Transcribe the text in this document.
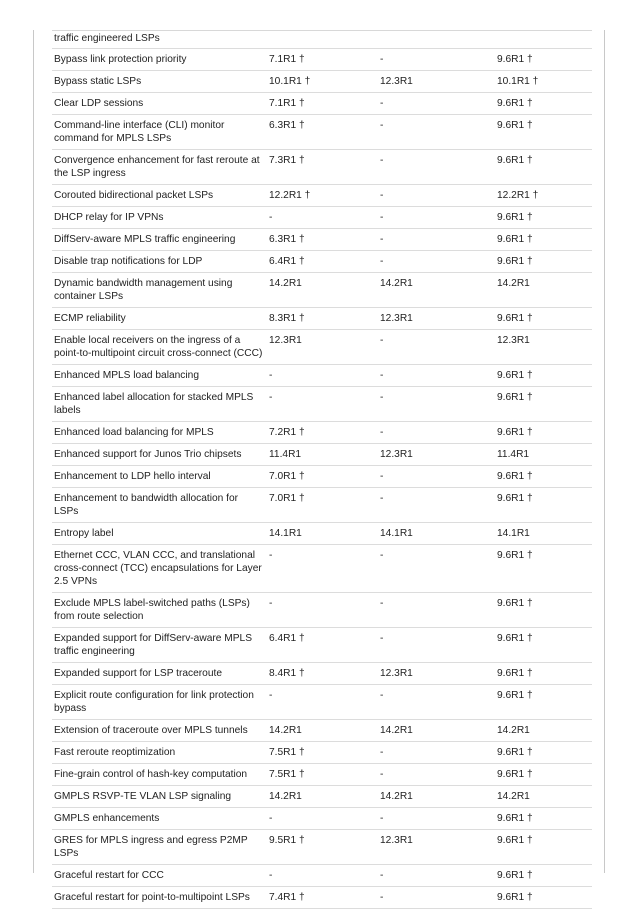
traffic engineered LSPs
Bypass link protection priority	7.1R1 †	-	9.6R1 †
Bypass static LSPs	10.1R1 †	12.3R1	10.1R1 †
Clear LDP sessions	7.1R1 †	-	9.6R1 †
Command-line interface (CLI) monitor command for MPLS LSPs	6.3R1 †	-	9.6R1 †
Convergence enhancement for fast reroute at the LSP ingress	7.3R1 †	-	9.6R1 †
Corouted bidirectional packet LSPs	12.2R1 †	-	12.2R1 †
DHCP relay for IP VPNs	-	-	9.6R1 †
DiffServ-aware MPLS traffic engineering	6.3R1 †	-	9.6R1 †
Disable trap notifications for LDP	6.4R1 †	-	9.6R1 †
Dynamic bandwidth management using container LSPs	14.2R1	14.2R1	14.2R1
ECMP reliability	8.3R1 †	12.3R1	9.6R1 †
Enable local receivers on the ingress of a point-to-multipoint circuit cross-connect (CCC)	12.3R1	-	12.3R1
Enhanced MPLS load balancing	-	-	9.6R1 †
Enhanced label allocation for stacked MPLS labels	-	-	9.6R1 †
Enhanced load balancing for MPLS	7.2R1 †	-	9.6R1 †
Enhanced support for Junos Trio chipsets	11.4R1	12.3R1	11.4R1
Enhancement to LDP hello interval	7.0R1 †	-	9.6R1 †
Enhancement to bandwidth allocation for LSPs	7.0R1 †	-	9.6R1 †
Entropy label	14.1R1	14.1R1	14.1R1
Ethernet CCC, VLAN CCC, and translational cross-connect (TCC) encapsulations for Layer 2.5 VPNs	-	-	9.6R1 †
Exclude MPLS label-switched paths (LSPs) from route selection	-	-	9.6R1 †
Expanded support for DiffServ-aware MPLS traffic engineering	6.4R1 †	-	9.6R1 †
Expanded support for LSP traceroute	8.4R1 †	12.3R1	9.6R1 †
Explicit route configuration for link protection bypass	-	-	9.6R1 †
Extension of traceroute over MPLS tunnels	14.2R1	14.2R1	14.2R1
Fast reroute reoptimization	7.5R1 †	-	9.6R1 †
Fine-grain control of hash-key computation	7.5R1 †	-	9.6R1 †
GMPLS RSVP-TE VLAN LSP signaling	14.2R1	14.2R1	14.2R1
GMPLS enhancements	-	-	9.6R1 †
GRES for MPLS ingress and egress P2MP LSPs	9.5R1 †	12.3R1	9.6R1 †
Graceful restart for CCC	-	-	9.6R1 †
Graceful restart for point-to-multipoint LSPs	7.4R1 †	-	9.6R1 †
